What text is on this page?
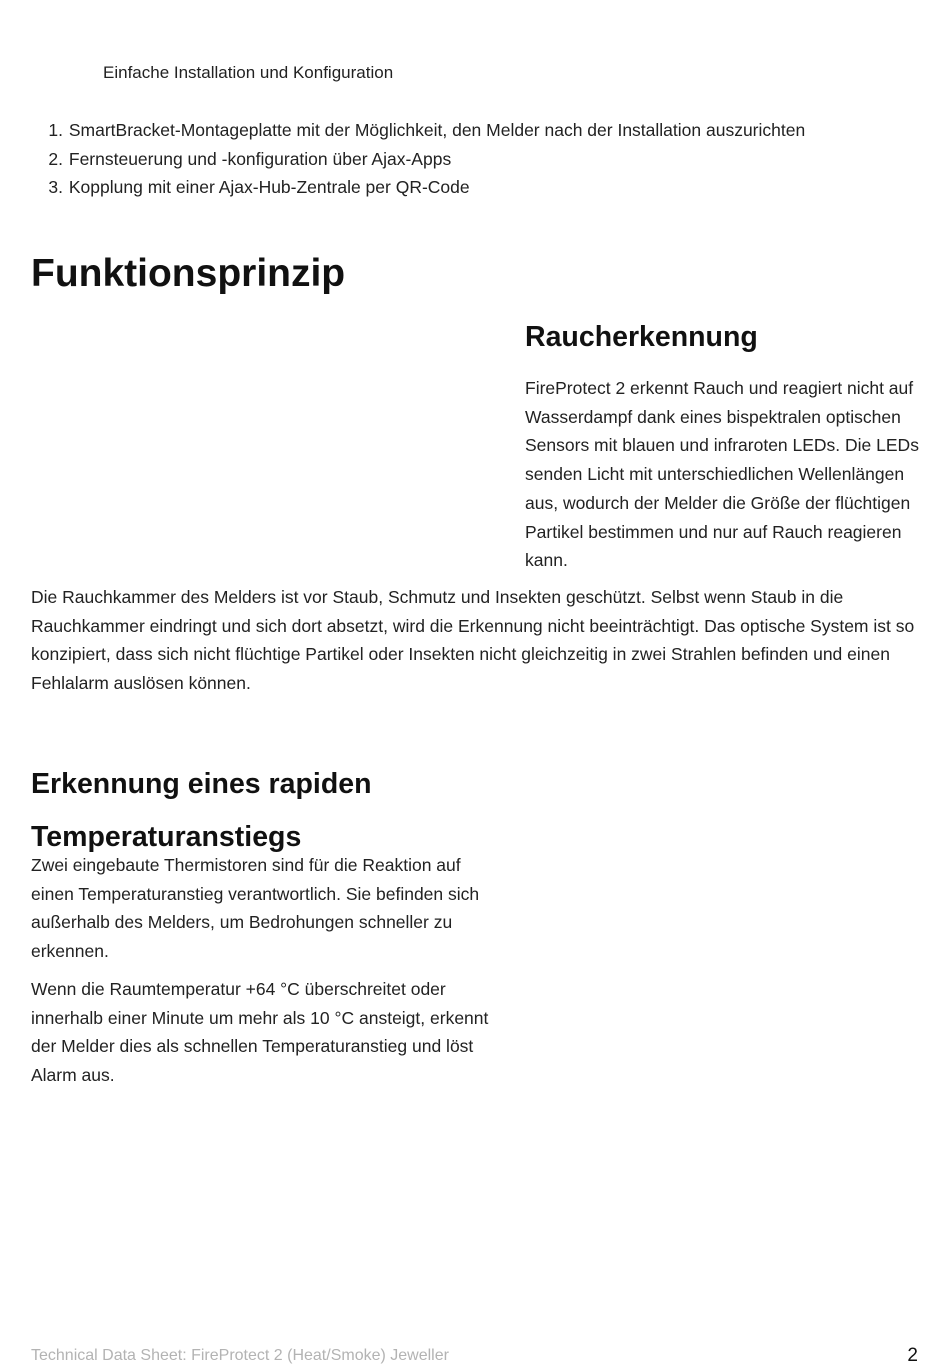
Einfache Installation und Konfiguration
1. SmartBracket-Montageplatte mit der Möglichkeit, den Melder nach der Installation auszurichten
2. Fernsteuerung und -konfiguration über Ajax-Apps
3. Kopplung mit einer Ajax-Hub-Zentrale per QR-Code
Funktionsprinzip
Raucherkennung

FireProtect 2 erkennt Rauch und reagiert nicht auf Wasserdampf dank eines bispektralen optischen Sensors mit blauen und infraroten LEDs. Die LEDs senden Licht mit unterschiedlichen Wellenlängen aus, wodurch der Melder die Größe der flüchtigen Partikel bestimmen und nur auf Rauch reagieren kann.

Die Rauchkammer des Melders ist vor Staub, Schmutz und Insekten geschützt. Selbst wenn Staub in die Rauchkammer eindringt und sich dort absetzt, wird die Erkennung nicht beeinträchtigt. Das optische System ist so konzipiert, dass sich nicht flüchtige Partikel oder Insekten nicht gleichzeitig in zwei Strahlen befinden und einen Fehlalarm auslösen können.

Erkennung eines rapiden Temperaturanstiegs

Zwei eingebaute Thermistoren sind für die Reaktion auf einen Temperaturanstieg verantwortlich. Sie befinden sich außerhalb des Melders, um Bedrohungen schneller zu erkennen.

Wenn die Raumtemperatur +64 °C überschreitet oder innerhalb einer Minute um mehr als 10 °C ansteigt, erkennt der Melder dies als schnellen Temperaturanstieg und löst Alarm aus.

Technical Data Sheet: FireProtect 2 (Heat/Smoke) Jeweller	2
